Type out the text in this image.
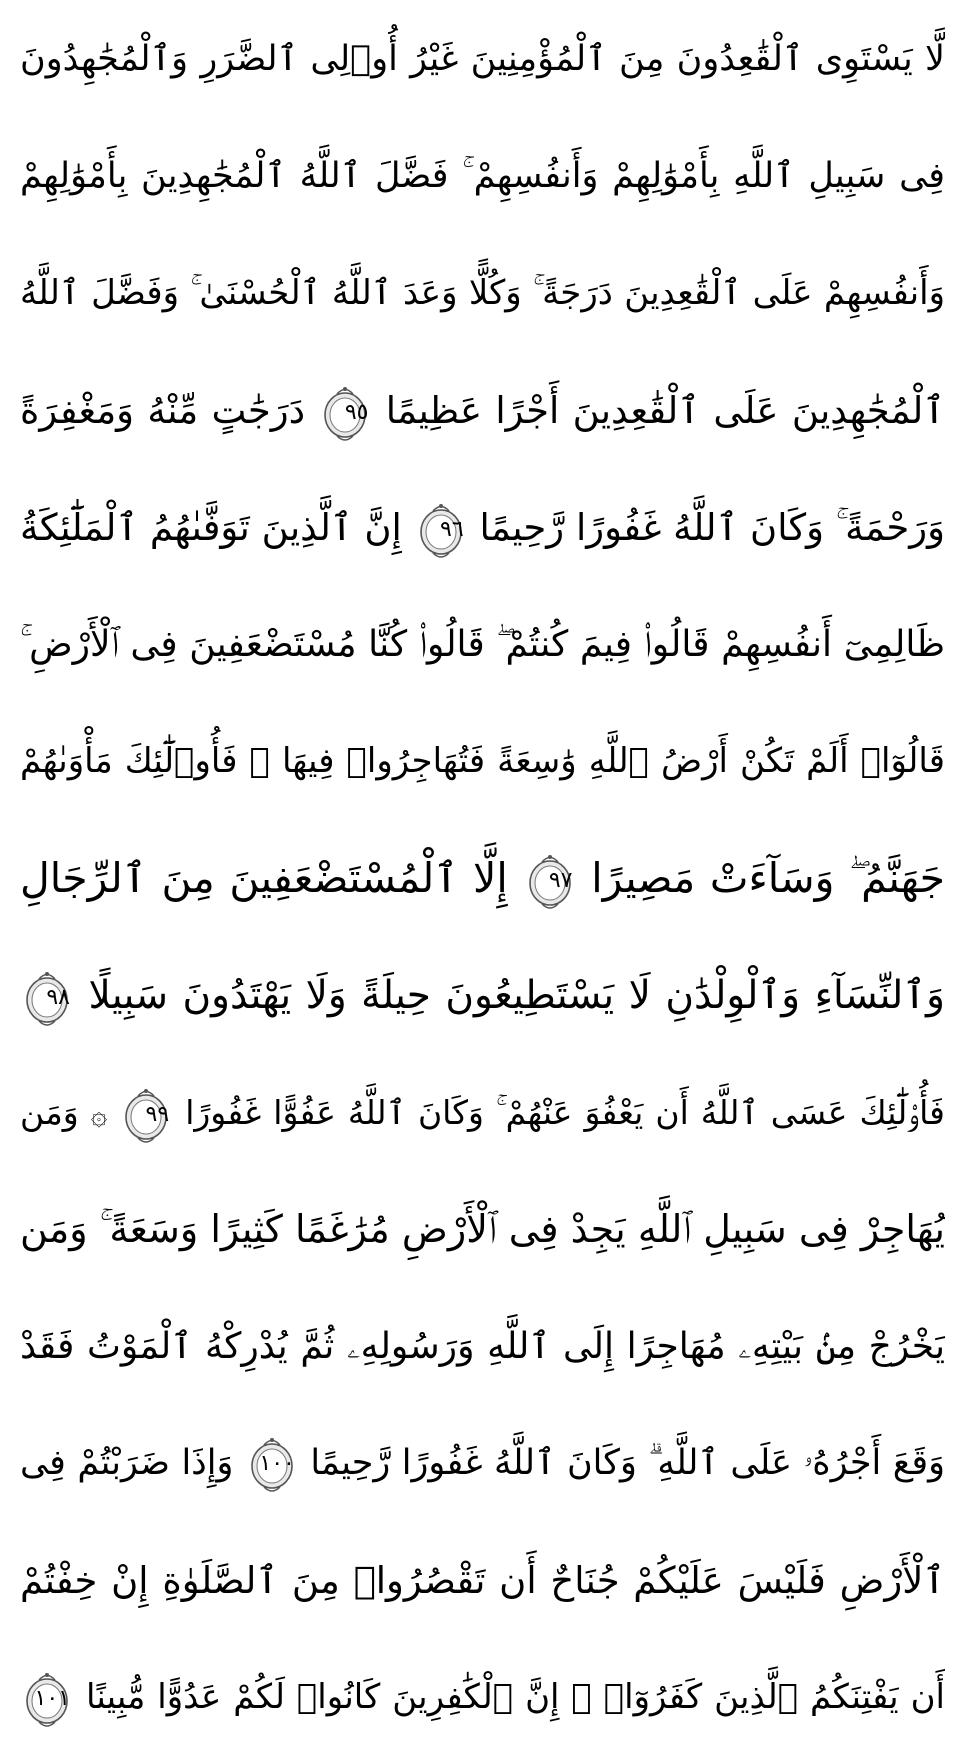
لَّا يَسْتَوِى ٱلْقَٰعِدُونَ مِنَ ٱلْمُؤْمِنِينَ غَيْرُ أُو۟لِى ٱلضَّرَرِ وَٱلْمُجَٰهِدُونَ
فِى سَبِيلِ ٱللَّهِ بِأَمْوَٰلِهِمْ وَأَنفُسِهِمْ ۚ فَضَّلَ ٱللَّهُ ٱلْمُجَٰهِدِينَ بِأَمْوَٰلِهِمْ
وَأَنفُسِهِمْ عَلَى ٱلْقَٰعِدِينَ دَرَجَةً ۚ وَكُلًّا وَعَدَ ٱللَّهُ ٱلْحُسْنَىٰ ۚ وَفَضَّلَ ٱللَّهُ
ٱلْمُجَٰهِدِينَ عَلَى ٱلْقَٰعِدِينَ أَجْرًا عَظِيمًا
٩٥
دَرَجَٰتٍ مِّنْهُ وَمَغْفِرَةً
وَرَحْمَةً ۚ وَكَانَ ٱللَّهُ غَفُورًا رَّحِيمًا
٩٦
إِنَّ ٱلَّذِينَ تَوَفَّىٰهُمُ ٱلْمَلَٰٓئِكَةُ
ظَالِمِىٓ أَنفُسِهِمْ قَالُوا۟ فِيمَ كُنتُمْ ۖ قَالُوا۟ كُنَّا مُسْتَضْعَفِينَ فِى ٱلْأَرْضِ ۚ
قَالُوٓا۟ أَلَمْ تَكُنْ أَرْضُ ٱللَّهِ وَٰسِعَةً فَتُهَاجِرُوا۟ فِيهَا ۚ فَأُو۟لَٰٓئِكَ مَأْوَىٰهُمْ
جَهَنَّمُ ۖ وَسَآءَتْ مَصِيرًا
٩٧
إِلَّا ٱلْمُسْتَضْعَفِينَ مِنَ ٱلرِّجَالِ
وَٱلنِّسَآءِ وَٱلْوِلْدَٰنِ لَا يَسْتَطِيعُونَ حِيلَةً وَلَا يَهْتَدُونَ سَبِيلًا
٩٨
فَأُو۟لَٰٓئِكَ عَسَى ٱللَّهُ أَن يَعْفُوَ عَنْهُمْ ۚ وَكَانَ ٱللَّهُ عَفُوًّا غَفُورًا
٩٩
۞ وَمَن
يُهَاجِرْ فِى سَبِيلِ ٱللَّهِ يَجِدْ فِى ٱلْأَرْضِ مُرَٰغَمًا كَثِيرًا وَسَعَةً ۚ وَمَن
يَخْرُجْ مِنۢ بَيْتِهِۦ مُهَاجِرًا إِلَى ٱللَّهِ وَرَسُولِهِۦ ثُمَّ يُدْرِكْهُ ٱلْمَوْتُ فَقَدْ
وَقَعَ أَجْرُهُۥ عَلَى ٱللَّهِ ۗ وَكَانَ ٱللَّهُ غَفُورًا رَّحِيمًا
١٠٠
وَإِذَا ضَرَبْتُمْ فِى
ٱلْأَرْضِ فَلَيْسَ عَلَيْكُمْ جُنَاحٌ أَن تَقْصُرُوا۟ مِنَ ٱلصَّلَوٰةِ إِنْ خِفْتُمْ
أَن يَفْتِنَكُمُ ٱلَّذِينَ كَفَرُوٓا۟ ۚ إِنَّ ٱلْكَٰفِرِينَ كَانُوا۟ لَكُمْ عَدُوًّا مُّبِينًا
١٠١
